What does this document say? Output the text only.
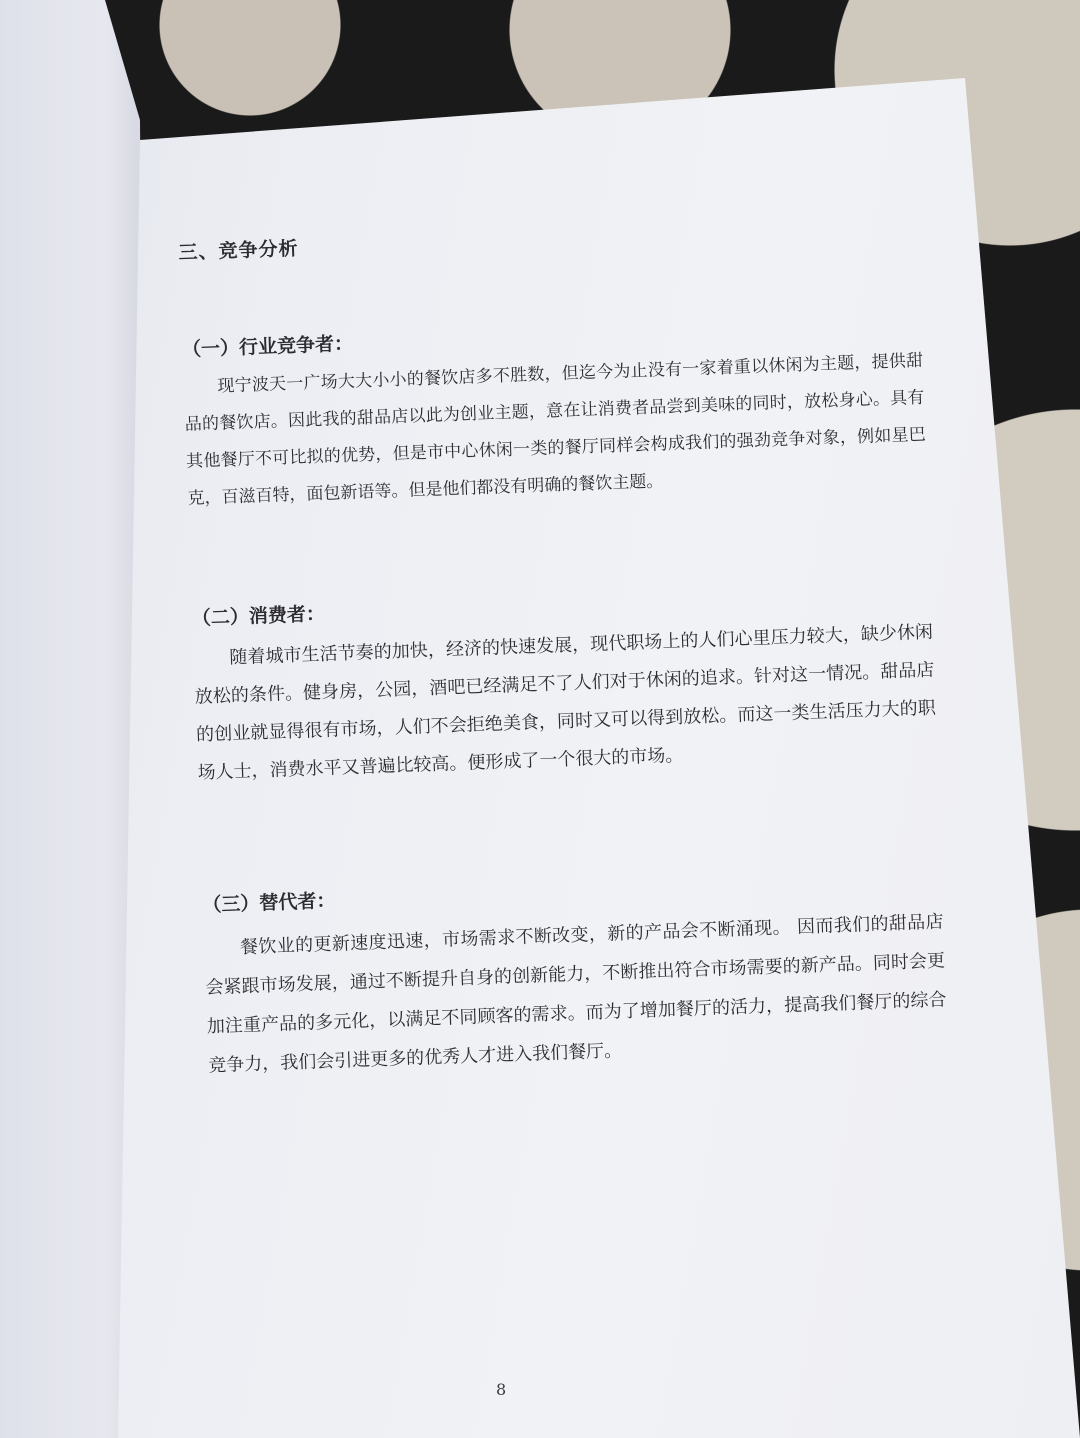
三、竞争分析
（一）行业竞争者：

现宁波天一广场大大小小的餐饮店多不胜数，但迄今为止没有一家着重以休闲为主题，提供甜品的餐饮店。因此我的甜品店以此为创业主题，意在让消费者品尝到美味的同时，放松身心。具有其他餐厅不可比拟的优势，但是市中心休闲一类的餐厅同样会构成我们的强劲竞争对象，例如星巴克，百滋百特，面包新语等。但是他们都没有明确的餐饮主题。

（二）消费者：

随着城市生活节奏的加快，经济的快速发展，现代职场上的人们心里压力较大，缺少休闲放松的条件。健身房，公园，酒吧已经满足不了人们对于休闲的追求。针对这一情况。甜品店的创业就显得很有市场，人们不会拒绝美食，同时又可以得到放松。而这一类生活压力大的职场人士，消费水平又普遍比较高。便形成了一个很大的市场。

（三）替代者：

餐饮业的更新速度迅速，市场需求不断改变，新的产品会不断涌现。 因而我们的甜品店会紧跟市场发展，通过不断提升自身的创新能力，不断推出符合市场需要的新产品。同时会更加注重产品的多元化，以满足不同顾客的需求。而为了增加餐厅的活力，提高我们餐厅的综合竞争力，我们会引进更多的优秀人才进入我们餐厅。

8
